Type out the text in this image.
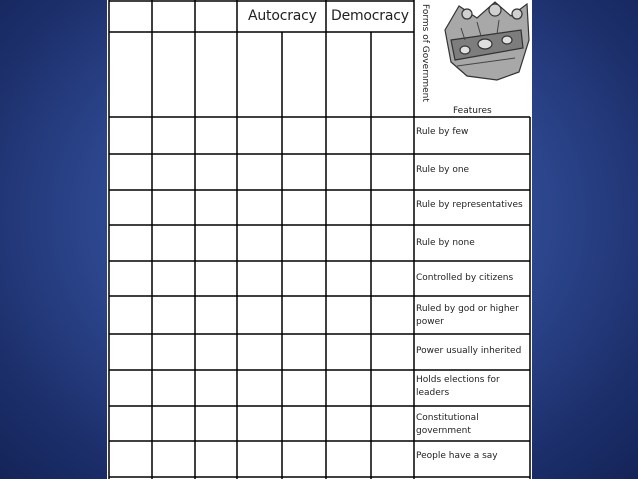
Autocracy Democracy	Forms of Government
Features
Rule by few
Rule by one
Rule by representatives
Rule by none
Controlled by citizens
Ruled by god or higher power
Power usually inherited
Holds elections for leaders
Constitutional government
People have a say
